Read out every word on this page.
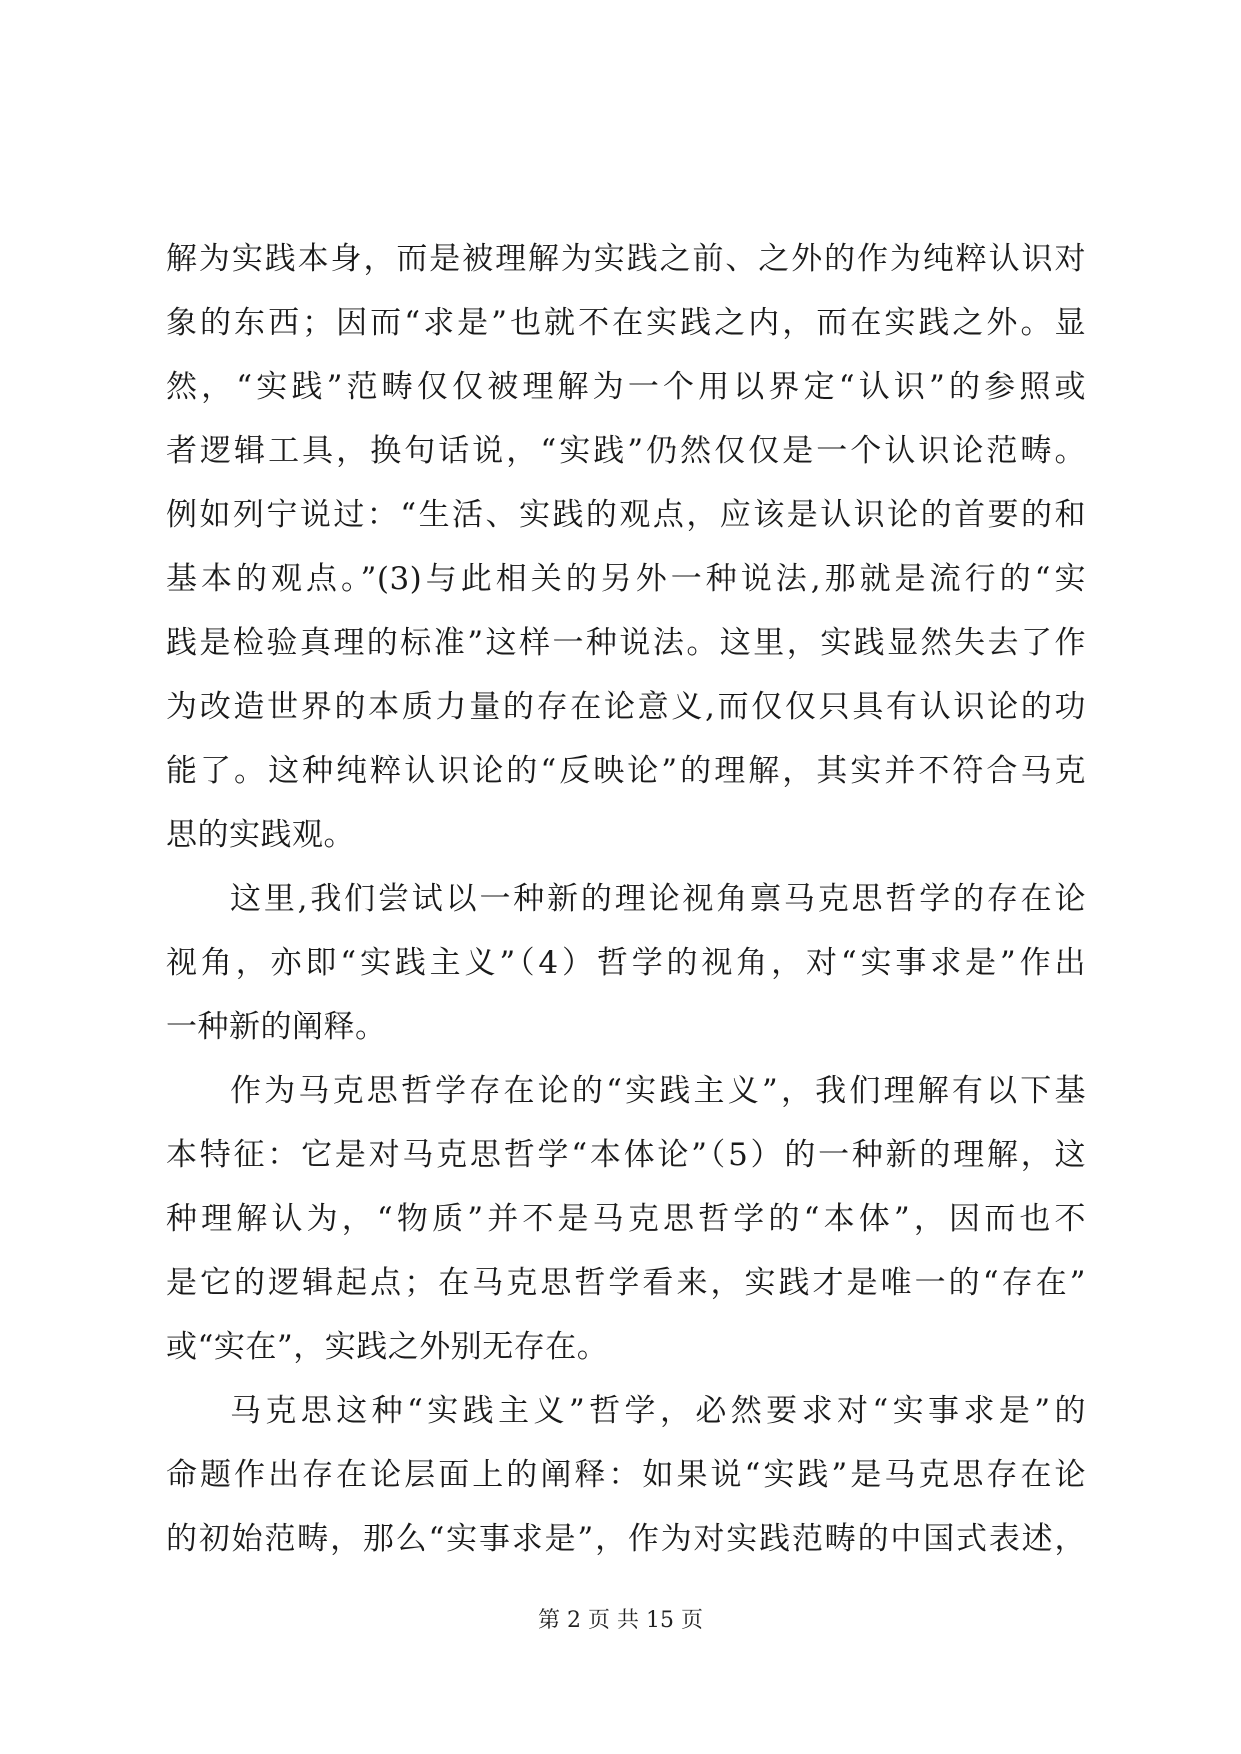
解为实践本身，而是被理解为实践之前、之外的作为纯粹认识对
象的东西；因而“求是”也就不在实践之内，而在实践之外。显
然，“实践”范畴仅仅被理解为一个用以界定“认识”的参照或
者逻辑工具，换句话说，“实践”仍然仅仅是一个认识论范畴。
例如列宁说过：“生活、实践的观点，应该是认识论的首要的和
基本的观点。”(3)与此相关的另外一种说法,那就是流行的“实
践是检验真理的标准”这样一种说法。这里，实践显然失去了作
为改造世界的本质力量的存在论意义,而仅仅只具有认识论的功
能了。这种纯粹认识论的“反映论”的理解，其实并不符合马克
思的实践观。
这里,我们尝试以一种新的理论视角禀马克思哲学的存在论
视角，亦即“实践主义”（4）哲学的视角，对“实事求是”作出
一种新的阐释。
作为马克思哲学存在论的“实践主义”，我们理解有以下基
本特征：它是对马克思哲学“本体论”（5）的一种新的理解，这
种理解认为，“物质”并不是马克思哲学的“本体”，因而也不
是它的逻辑起点；在马克思哲学看来，实践才是唯一的“存在”
或“实在”，实践之外别无存在。
马克思这种“实践主义”哲学，必然要求对“实事求是”的
命题作出存在论层面上的阐释：如果说“实践”是马克思存在论
的初始范畴，那么“实事求是”，作为对实践范畴的中国式表述，
第 2 页 共 15 页
